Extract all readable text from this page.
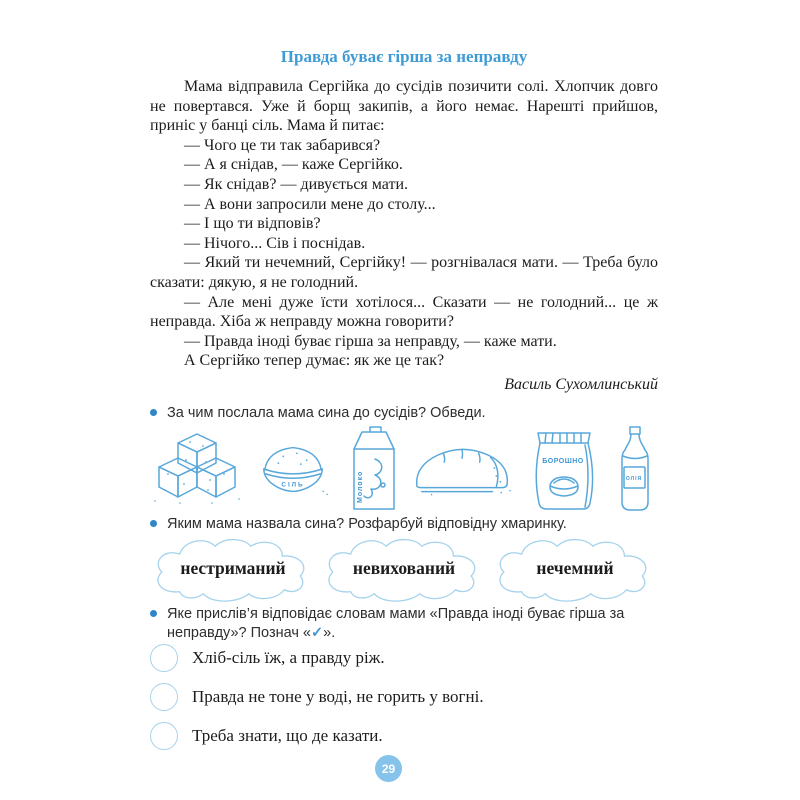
Правда буває гірша за неправду

Мама відправила Сергійка до сусідів позичити солі. Хлопчик довго не повертався. Уже й борщ закипів, а його немає. Нарешті прийшов, приніс у банці сіль. Мама й питає:

— Чого це ти так забарився?

— А я снідав, — каже Сергійко.

— Як снідав? — дивується мати.

— А вони запросили мене до столу...

— І що ти відповів?

— Нічого... Сів і поснідав.

— Який ти нечемний, Сергійку! — розгнівалася мати. — Треба було сказати: дякую, я не голодний.

— Але мені дуже їсти хотілося... Сказати — не голодний... це ж неправда. Хіба ж неправду можна говорити?

— Правда іноді буває гірша за неправду, — каже мати.

А Сергійко тепер думає: як же це так?

Василь Сухомлинський
За чим послала мама сина до сусідів? Обведи.
СІЛЬ	Молоко
БОРОШНО
ОЛІЯ
Яким мама назвала сина? Розфарбуй відповідну хмаринку.
нестриманий	невихований	нечемний
Яке прислів’я відповідає словам мами «Правда іноді буває гірша за неправду»? Познач «✓».
Хліб-сіль їж, а правду ріж.
Правда не тоне у воді, не горить у вогні.
Треба знати, що де казати.
29
